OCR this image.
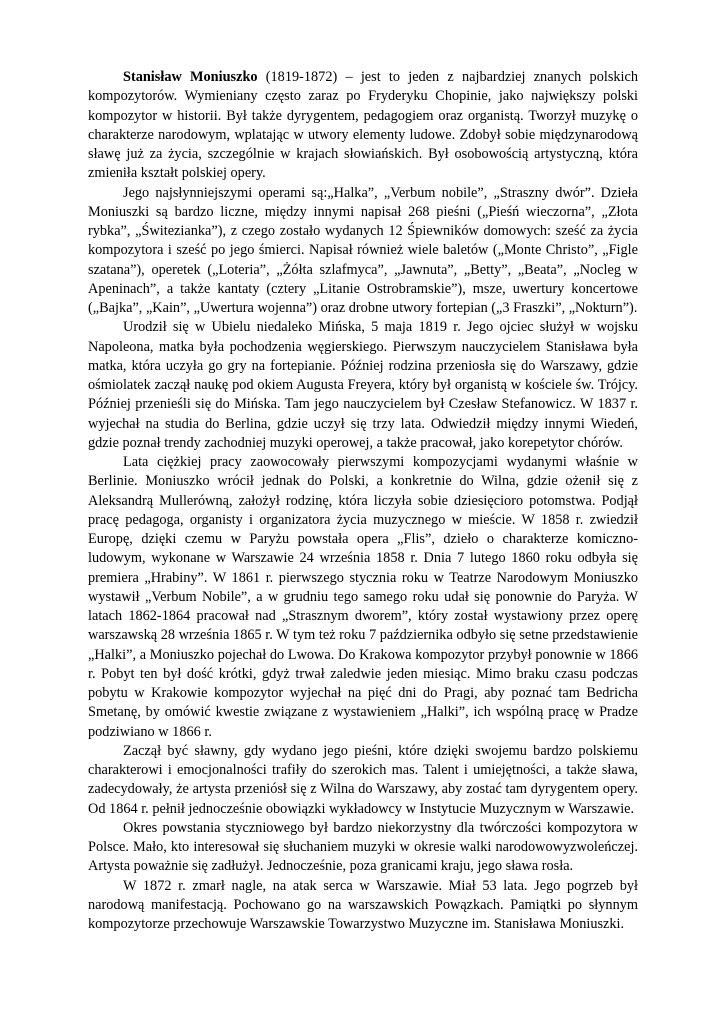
Stanisław Moniuszko (1819-1872) – jest to jeden z najbardziej znanych polskich kompozytorów. Wymieniany często zaraz po Fryderyku Chopinie, jako największy polski kompozytor w historii. Był także dyrygentem, pedagogiem oraz organistą. Tworzył muzykę o charakterze narodowym, wplatając w utwory elementy ludowe. Zdobył sobie międzynarodową sławę już za życia, szczególnie w krajach słowiańskich. Był osobowością artystyczną, która zmieniła kształt polskiej opery.

Jego najsłynniejszymi operami są:„Halka”, „Verbum nobile”, „Straszny dwór”. Dzieła Moniuszki są bardzo liczne, między innymi napisał 268 pieśni („Pieśń wieczorna”, „Złota rybka”, „Świtezianka”), z czego zostało wydanych 12 Śpiewników domowych: sześć za życia kompozytora i sześć po jego śmierci. Napisał również wiele baletów („Monte Christo”, „Figle szatana”), operetek („Loteria”, „Żółta szlafmyca”, „Jawnuta”, „Betty”, „Beata”, „Nocleg w Apeninach”, a także kantaty (cztery „Litanie Ostrobramskie”), msze, uwertury koncertowe („Bajka”, „Kain”, „Uwertura wojenna”) oraz drobne utwory fortepian („3 Fraszki”, „Nokturn”).

Urodził się w Ubielu niedaleko Mińska, 5 maja 1819 r. Jego ojciec służył w wojsku Napoleona, matka była pochodzenia węgierskiego. Pierwszym nauczycielem Stanisława była matka, która uczyła go gry na fortepianie. Później rodzina przeniosła się do Warszawy, gdzie ośmiolatek zaczął naukę pod okiem Augusta Freyera, który był organistą w kościele św. Trójcy. Później przenieśli się do Mińska. Tam jego nauczycielem był Czesław Stefanowicz. W 1837 r. wyjechał na studia do Berlina, gdzie uczył się trzy lata. Odwiedził między innymi Wiedeń, gdzie poznał trendy zachodniej muzyki operowej, a także pracował, jako korepetytor chórów.

Lata ciężkiej pracy zaowocowały pierwszymi kompozycjami wydanymi właśnie w Berlinie. Moniuszko wrócił jednak do Polski, a konkretnie do Wilna, gdzie ożenił się z Aleksandrą Mullerówną, założył rodzinę, która liczyła sobie dziesięcioro potomstwa. Podjął pracę pedagoga, organisty i organizatora życia muzycznego w mieście. W 1858 r. zwiedził Europę, dzięki czemu w Paryżu powstała opera „Flis”, dzieło o charakterze komiczno-ludowym, wykonane w Warszawie 24 września 1858 r. Dnia 7 lutego 1860 roku odbyła się premiera „Hrabiny”. W 1861 r. pierwszego stycznia roku w Teatrze Narodowym Moniuszko wystawił „Verbum Nobile”, a w grudniu tego samego roku udał się ponownie do Paryża. W latach 1862-1864 pracował nad „Strasznym dworem”, który został wystawiony przez operę warszawską 28 września 1865 r. W tym też roku 7 października odbyło się setne przedstawienie „Halki”, a Moniuszko pojechał do Lwowa. Do Krakowa kompozytor przybył ponownie w 1866 r. Pobyt ten był dość krótki, gdyż trwał zaledwie jeden miesiąc. Mimo braku czasu podczas pobytu w Krakowie kompozytor wyjechał na pięć dni do Pragi, aby poznać tam Bedricha Smetanę, by omówić kwestie związane z wystawieniem „Halki”, ich wspólną pracę w Pradze podziwiano w 1866 r.

Zaczął być sławny, gdy wydano jego pieśni, które dzięki swojemu bardzo polskiemu charakterowi i emocjonalności trafiły do szerokich mas. Talent i umiejętności, a także sława, zadecydowały, że artysta przeniósł się z Wilna do Warszawy, aby zostać tam dyrygentem opery. Od 1864 r. pełnił jednocześnie obowiązki wykładowcy w Instytucie Muzycznym w Warszawie.

Okres powstania styczniowego był bardzo niekorzystny dla twórczości kompozytora w Polsce. Mało, kto interesował się słuchaniem muzyki w okresie walki narodowowyzwoleńczej. Artysta poważnie się zadłużył. Jednocześnie, poza granicami kraju, jego sława rosła.

W 1872 r. zmarł nagle, na atak serca w Warszawie. Miał 53 lata. Jego pogrzeb był narodową manifestacją. Pochowano go na warszawskich Powązkach. Pamiątki po słynnym kompozytorze przechowuje Warszawskie Towarzystwo Muzyczne im. Stanisława Moniuszki.
